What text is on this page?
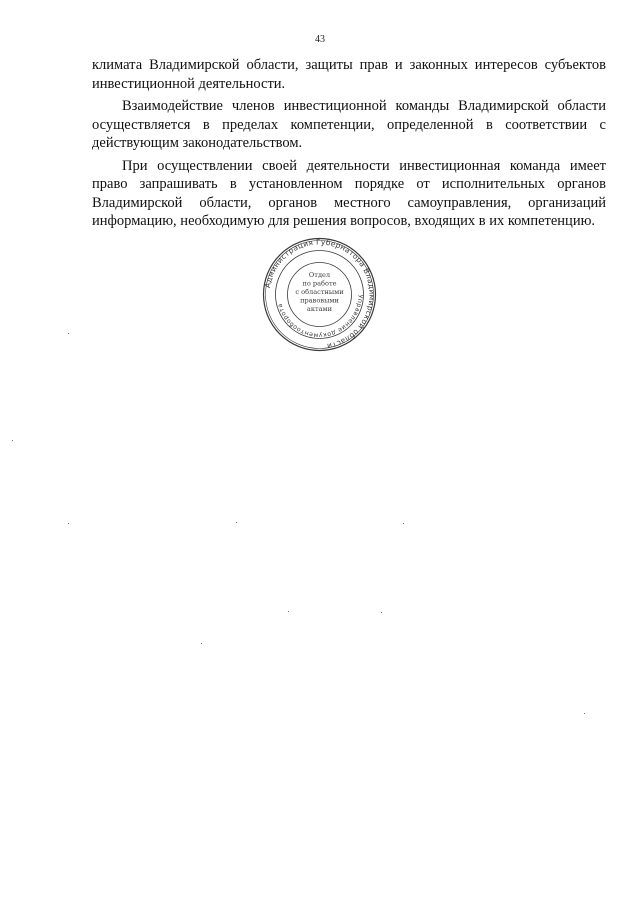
43

климата Владимирской области, защиты прав и законных интересов субъектов инвестиционной деятельности.

Взаимодействие членов инвестиционной команды Владимирской области осуществляется в пределах компетенции, определенной в соответствии с действующим законодательством.

При осуществлении своей деятельности инвестиционная команда имеет право запрашивать в установленном порядке от исполнительных органов Владимирской области, органов местного самоуправления, организаций информацию, необходимую для решения вопросов, входящих в их компетенцию.

Администрация Губернатора Владимирской области
Управление документооборота
Отдел
по работе
с областными
правовыми
актами
